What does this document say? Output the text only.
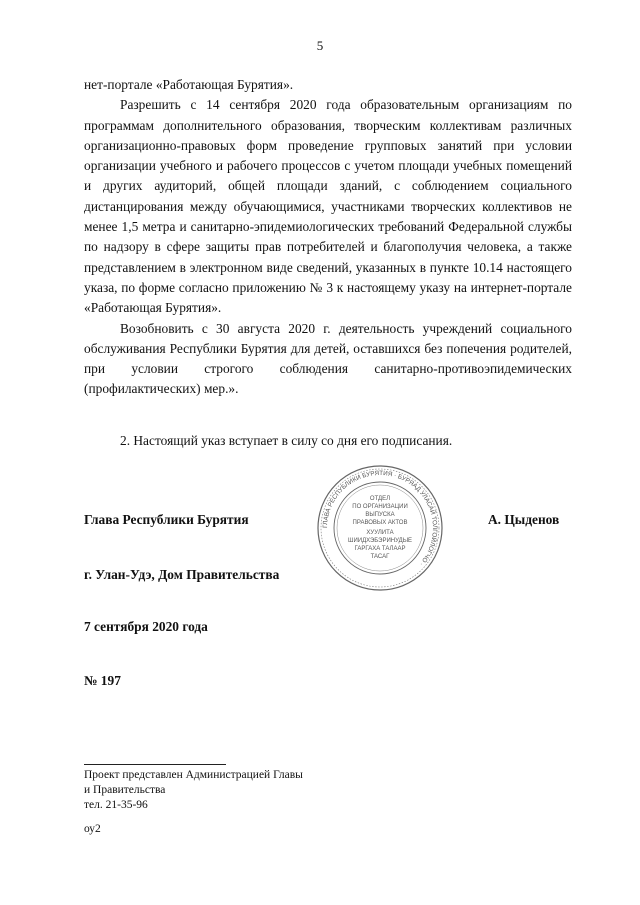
5

нет-портале «Работающая Бурятия».

Разрешить с 14 сентября 2020 года образовательным организациям по программам дополнительного образования, творческим коллективам различных организационно-правовых форм проведение групповых занятий при условии организации учебного и рабочего процессов с учетом площади учебных помещений и других аудиторий, общей площади зданий, с соблюдением социального дистанцирования между обучающимися, участниками творческих коллективов не менее 1,5 метра и санитарно-эпидемиологических требований Федеральной службы по надзору в сфере защиты прав потребителей и благополучия человека, а также представлением в электронном виде сведений, указанных в пункте 10.14 настоящего указа, по форме согласно приложению № 3 к настоящему указу на интернет-портале «Работающая Бурятия».

Возобновить с 30 августа 2020 г. деятельность учреждений социального обслуживания Республики Бурятия для детей, оставшихся без попечения родителей, при условии строгого соблюдения санитарно-противоэпидемических (профилактических) мер.».

2. Настоящий указ вступает в силу со дня его подписания.

Глава Республики Бурятия	А. Цыденов
ГЛАВА РЕСПУБЛИКИ БУРЯТИЯ · БУРЯАД УЛАСАЙ ТОЛГОЙЛОГЧО ·
ОТДЕЛ
ПО ОРГАНИЗАЦИИ
ВЫПУСКА
ПРАВОВЫХ АКТОВ
ХУУЛИТА
ШИИДХЭБЭРИНУДЫЕ
ГАРГАХА ТАЛААР
ТАСАГ
г. Улан-Удэ, Дом Правительства
7 сентября 2020 года
№ 197
Проект представлен Администрацией Главы
и Правительства
тел. 21-35-96
оу2
